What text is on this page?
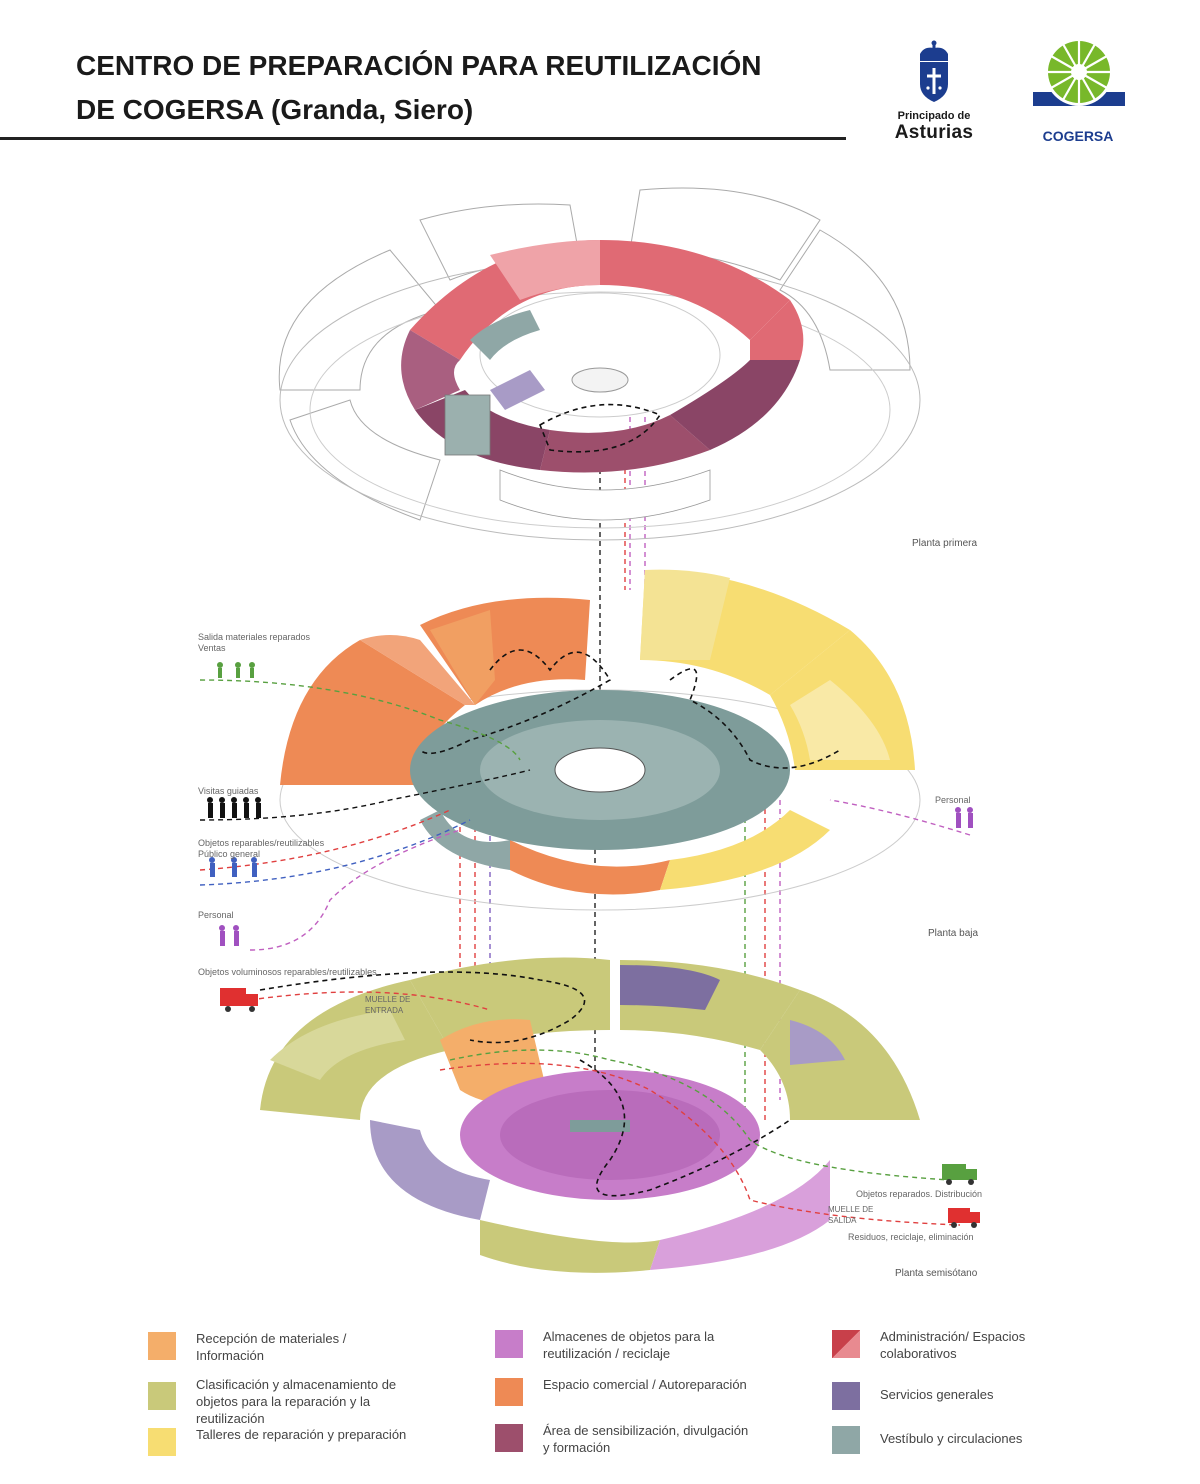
CENTRO DE PREPARACIÓN PARA REUTILIZACIÓN
DE COGERSA (Granda, Siero)	Principado de
Asturias	COGERSA
Salida materiales reparados
Ventas
Visitas guiadas
Objetos reparables/reutilizables
Público general
Personal
Personal
Objetos voluminosos reparables/reutilizables
MUELLE DE
ENTRADA
MUELLE DE
SALIDA
Objetos reparados. Distribución
Residuos, reciclaje, eliminación
Planta primera
Planta baja
Planta semisótano
Recepción de materiales / Información
Clasificación y almacenamiento de objetos para la reparación y la reutilización
Talleres de reparación y preparación
Almacenes de objetos para la reutilización / reciclaje
Espacio comercial / Autoreparación
Área de sensibilización, divulgación y formación
Administración/ Espacios colaborativos
Servicios generales
Vestíbulo y circulaciones
